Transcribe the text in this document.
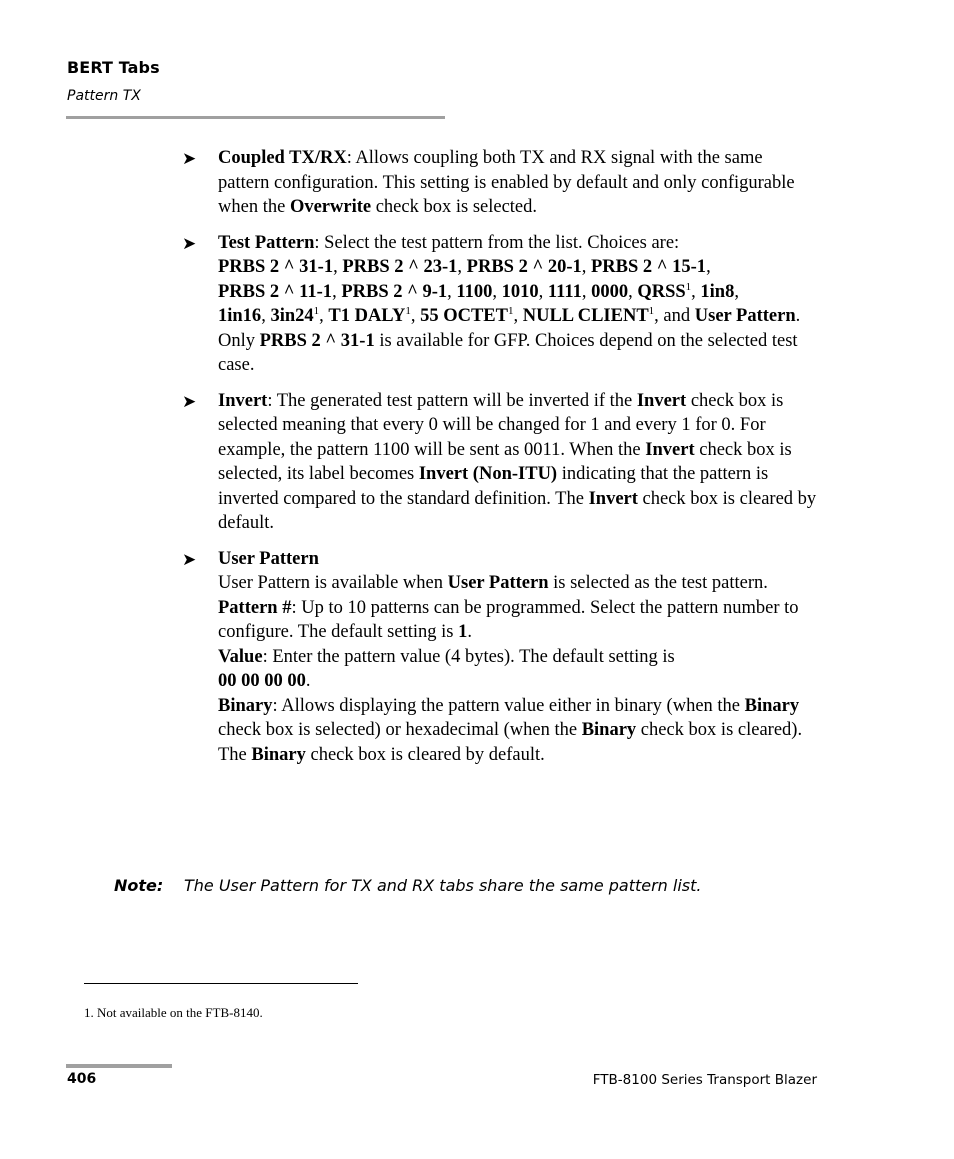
BERT Tabs
Pattern TX
➤	Coupled TX/RX: Allows coupling both TX and RX signal with the same pattern configuration. This setting is enabled by default and only configurable when the Overwrite check box is selected.

➤	Test Pattern: Select the test pattern from the list. Choices are:

PRBS 2 ^ 31-1, PRBS 2 ^ 23-1, PRBS 2 ^ 20-1, PRBS 2 ^ 15-1,
PRBS 2 ^ 11-1, PRBS 2 ^ 9-1, 1100, 1010, 1111, 0000, QRSS$^1$, 1in8,
1in16, $3in24^1$, T1 DALY$^1$, 55 OCTET$^1$, NULL CLIENT$^1$, and User Pattern. Only PRBS 2 ^ 31-1 is available for GFP. Choices depend on the selected test case.

➤	Invert: The generated test pattern will be inverted if the Invert check box is selected meaning that every 0 will be changed for 1 and every 1 for 0. For example, the pattern 1100 will be sent as 0011. When the Invert check box is selected, its label becomes Invert (Non-ITU) indicating that the pattern is inverted compared to the standard definition. The Invert check box is cleared by default.

➤	User Pattern

User Pattern is available when User Pattern is selected as the test pattern.

Pattern #: Up to 10 patterns can be programmed. Select the pattern number to configure. The default setting is 1.

Value: Enter the pattern value (4 bytes). The default setting is
00 00 00 00.

Binary: Allows displaying the pattern value either in binary (when the Binary check box is selected) or hexadecimal (when the Binary check box is cleared). The Binary check box is cleared by default.

Note: The User Pattern for TX and RX tabs share the same pattern list.
1. Not available on the FTB-8140.
406	FTB-8100 Series Transport Blazer
